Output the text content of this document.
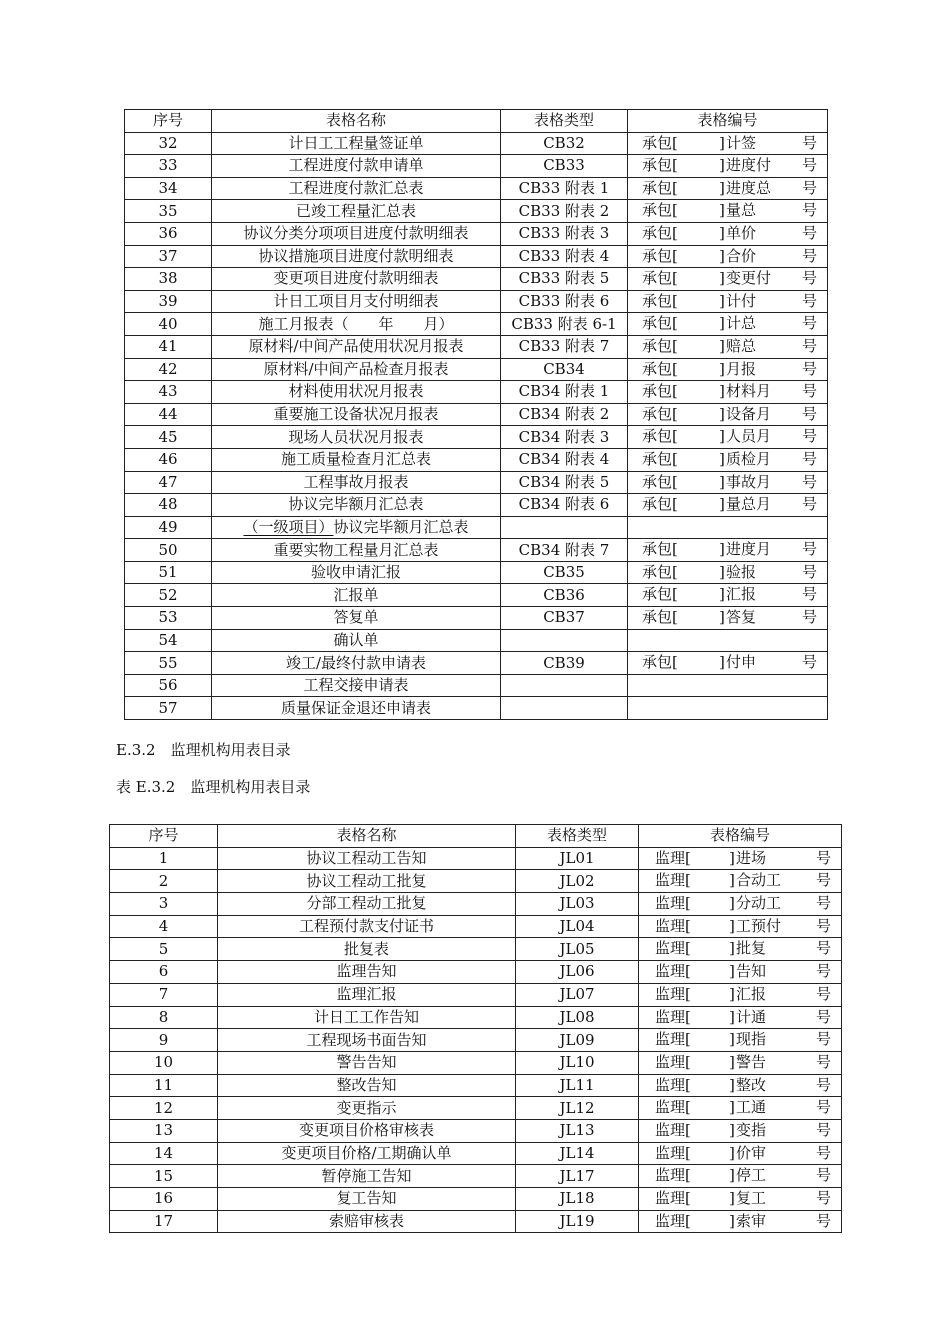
序号	表格名称	表格类型	表格编号
32	计日工工程量签证单	CB32	承包[ ] 计签 号

33	工程进度付款申请单	CB33	承包[ ] 进度付 号

34	工程进度付款汇总表	CB33 附表 1	承包[ ] 进度总 号

35	已竣工程量汇总表	CB33 附表 2	承包[ ] 量总 号

36	协议分类分项项目进度付款明细表	CB33 附表 3	承包[ ] 单价 号

37	协议措施项目进度付款明细表	CB33 附表 4	承包[ ] 合价 号

38	变更项目进度付款明细表	CB33 附表 5	承包[ ] 变更付 号

39	计日工项目月支付明细表	CB33 附表 6	承包[ ] 计付 号

40	施工月报表（　　年　　月）	CB33 附表 6-1	承包[ ] 计总 号

41	原材料/中间产品使用状况月报表	CB33 附表 7	承包[ ] 赔总 号

42	原材料/中间产品检查月报表	CB34	承包[ ] 月报 号

43	材料使用状况月报表	CB34 附表 1	承包[ ] 材料月 号

44	重要施工设备状况月报表	CB34 附表 2	承包[ ] 设备月 号

45	现场人员状况月报表	CB34 附表 3	承包[ ] 人员月 号

46	施工质量检查月汇总表	CB34 附表 4	承包[ ] 质检月 号

47	工程事故月报表	CB34 附表 5	承包[ ] 事故月 号

48	协议完毕额月汇总表	CB34 附表 6	承包[ ] 量总月 号

49	（一级项目）协议完毕额月汇总表		
50	重要实物工程量月汇总表	CB34 附表 7	承包[ ] 进度月 号

51	验收申请汇报	CB35	承包[ ] 验报 号

52	汇报单	CB36	承包[ ] 汇报 号

53	答复单	CB37	承包[ ] 答复 号

54	确认单		
55	竣工/最终付款申请表	CB39	承包[ ] 付申 号

56	工程交接申请表		
57	质量保证金退还申请表		
E.3.2　监理机构用表目录
表 E.3.2　监理机构用表目录
序号	表格名称	表格类型	表格编号
1	协议工程动工告知	JL01	监理[ ] 进场 号

2	协议工程动工批复	JL02	监理[ ] 合动工 号

3	分部工程动工批复	JL03	监理[ ] 分动工 号

4	工程预付款支付证书	JL04	监理[ ] 工预付 号

5	批复表	JL05	监理[ ] 批复 号

6	监理告知	JL06	监理[ ] 告知 号

7	监理汇报	JL07	监理[ ] 汇报 号

8	计日工工作告知	JL08	监理[ ] 计通 号

9	工程现场书面告知	JL09	监理[ ] 现指 号

10	警告告知	JL10	监理[ ] 警告 号

11	整改告知	JL11	监理[ ] 整改 号

12	变更指示	JL12	监理[ ] 工通 号

13	变更项目价格审核表	JL13	监理[ ] 变指 号

14	变更项目价格/工期确认单	JL14	监理[ ] 价审 号

15	暂停施工告知	JL17	监理[ ] 停工 号

16	复工告知	JL18	监理[ ] 复工 号

17	索赔审核表	JL19	监理[ ] 索审 号
